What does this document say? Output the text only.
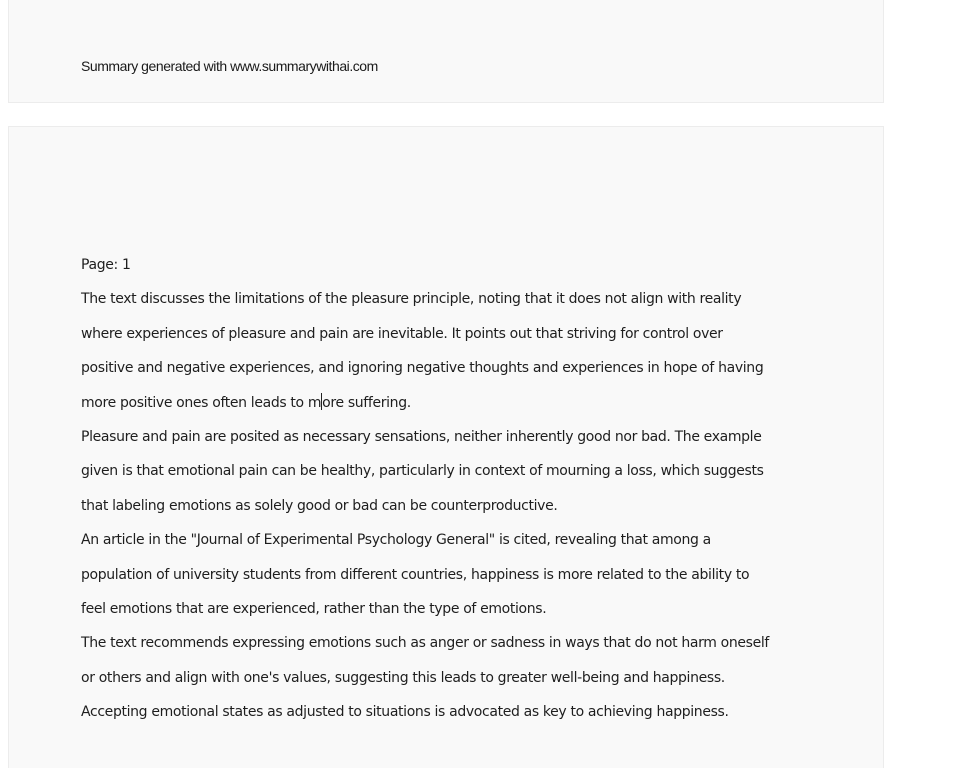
Summary generated with www.summarywithai.com
Page: 1
The text discusses the limitations of the pleasure principle, noting that it does not align with reality
where experiences of pleasure and pain are inevitable. It points out that striving for control over
positive and negative experiences, and ignoring negative thoughts and experiences in hope of having
more positive ones often leads to more suffering.
Pleasure and pain are posited as necessary sensations, neither inherently good nor bad. The example
given is that emotional pain can be healthy, particularly in context of mourning a loss, which suggests
that labeling emotions as solely good or bad can be counterproductive.
An article in the "Journal of Experimental Psychology General" is cited, revealing that among a
population of university students from different countries, happiness is more related to the ability to
feel emotions that are experienced, rather than the type of emotions.
The text recommends expressing emotions such as anger or sadness in ways that do not harm oneself
or others and align with one's values, suggesting this leads to greater well-being and happiness.
Accepting emotional states as adjusted to situations is advocated as key to achieving happiness.
